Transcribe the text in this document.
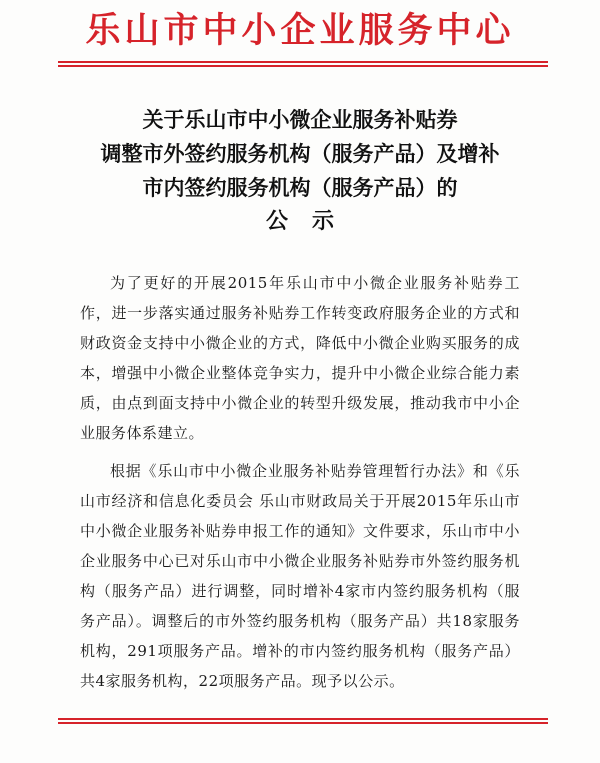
乐山市中小企业服务中心
关于乐山市中小微企业服务补贴券
调整市外签约服务机构（服务产品）及增补
市内签约服务机构（服务产品）的
公示

为了更好的开展2015年乐山市中小微企业服务补贴券工作，进一步落实通过服务补贴券工作转变政府服务企业的方式和财政资金支持中小微企业的方式，降低中小微企业购买服务的成本，增强中小微企业整体竞争实力，提升中小微企业综合能力素质，由点到面支持中小微企业的转型升级发展，推动我市中小企业服务体系建立。

根据《乐山市中小微企业服务补贴券管理暂行办法》和《乐山市经济和信息化委员会 乐山市财政局关于开展2015年乐山市中小微企业服务补贴券申报工作的通知》文件要求，乐山市中小企业服务中心已对乐山市中小微企业服务补贴券市外签约服务机构（服务产品）进行调整，同时增补4家市内签约服务机构（服务产品）。调整后的市外签约服务机构（服务产品）共18家服务机构，291项服务产品。增补的市内签约服务机构（服务产品）共4家服务机构，22项服务产品。现予以公示。
